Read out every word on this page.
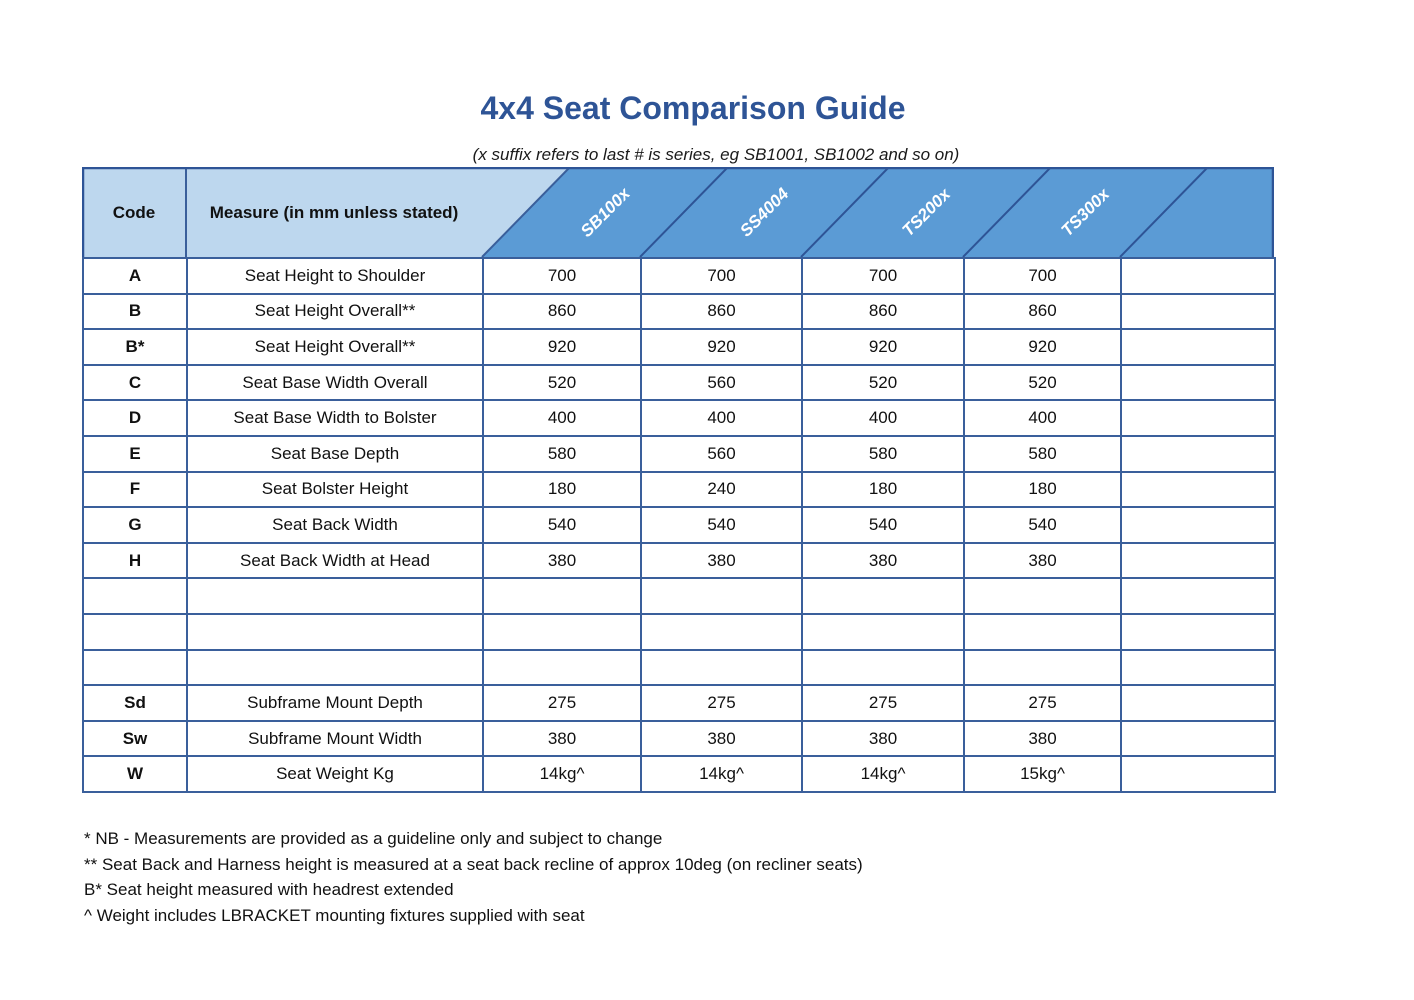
4x4 Seat Comparison Guide
(x suffix refers to last # is series, eg SB1001, SB1002 and so on)
Code	Measure (in mm unless stated)	SB100x	SS4004	TS200x	TS300x
A	Seat Height to Shoulder	700	700	700	700	
B	Seat Height Overall**	860	860	860	860	
B*	Seat Height Overall**	920	920	920	920	
C	Seat Base Width Overall	520	560	520	520	
D	Seat Base Width to Bolster	400	400	400	400	
E	Seat Base Depth	580	560	580	580	
F	Seat Bolster Height	180	240	180	180	
G	Seat Back Width	540	540	540	540	
H	Seat Back Width at Head	380	380	380	380	

Sd	Subframe Mount Depth	275	275	275	275	
Sw	Subframe Mount Width	380	380	380	380	
W	Seat Weight Kg	14kg^	14kg^	14kg^	15kg^	
* NB - Measurements are provided as a guideline only and subject to change
** Seat Back and Harness height is measured at a seat back recline of approx 10deg (on recliner seats)
B* Seat height measured with headrest extended
^ Weight includes LBRACKET mounting fixtures supplied with seat
